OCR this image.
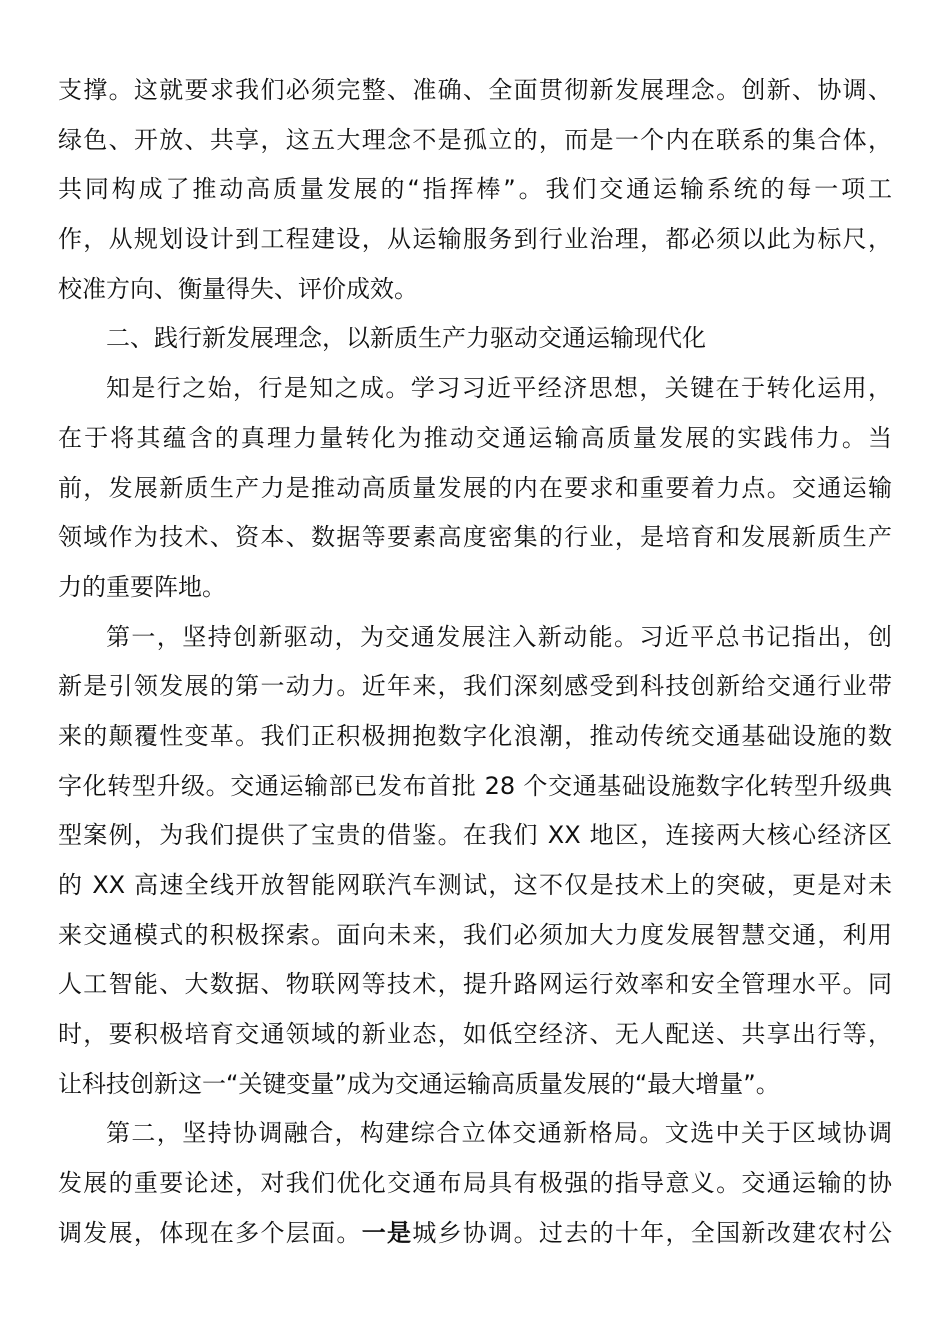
支撑。这就要求我们必须完整、准确、全面贯彻新发展理念。创新、协调、
绿色、开放、共享，这五大理念不是孤立的，而是一个内在联系的集合体，
共同构成了推动高质量发展的“指挥棒”。我们交通运输系统的每一项工
作，从规划设计到工程建设，从运输服务到行业治理，都必须以此为标尺，
校准方向、衡量得失、评价成效。
二、践行新发展理念，以新质生产力驱动交通运输现代化
知是行之始，行是知之成。学习习近平经济思想，关键在于转化运用，
在于将其蕴含的真理力量转化为推动交通运输高质量发展的实践伟力。当
前，发展新质生产力是推动高质量发展的内在要求和重要着力点。交通运输
领域作为技术、资本、数据等要素高度密集的行业，是培育和发展新质生产
力的重要阵地。
第一，坚持创新驱动，为交通发展注入新动能。习近平总书记指出，创
新是引领发展的第一动力。近年来，我们深刻感受到科技创新给交通行业带
来的颠覆性变革。我们正积极拥抱数字化浪潮，推动传统交通基础设施的数
字化转型升级。交通运输部已发布首批 28 个交通基础设施数字化转型升级典
型案例，为我们提供了宝贵的借鉴。在我们 XX 地区，连接两大核心经济区
的 XX 高速全线开放智能网联汽车测试，这不仅是技术上的突破，更是对未
来交通模式的积极探索。面向未来，我们必须加大力度发展智慧交通，利用
人工智能、大数据、物联网等技术，提升路网运行效率和安全管理水平。同
时，要积极培育交通领域的新业态，如低空经济、无人配送、共享出行等，
让科技创新这一“关键变量”成为交通运输高质量发展的“最大增量”。
第二，坚持协调融合，构建综合立体交通新格局。文选中关于区域协调
发展的重要论述，对我们优化交通布局具有极强的指导意义。交通运输的协
调发展，体现在多个层面。一是城乡协调。过去的十年，全国新改建农村公
